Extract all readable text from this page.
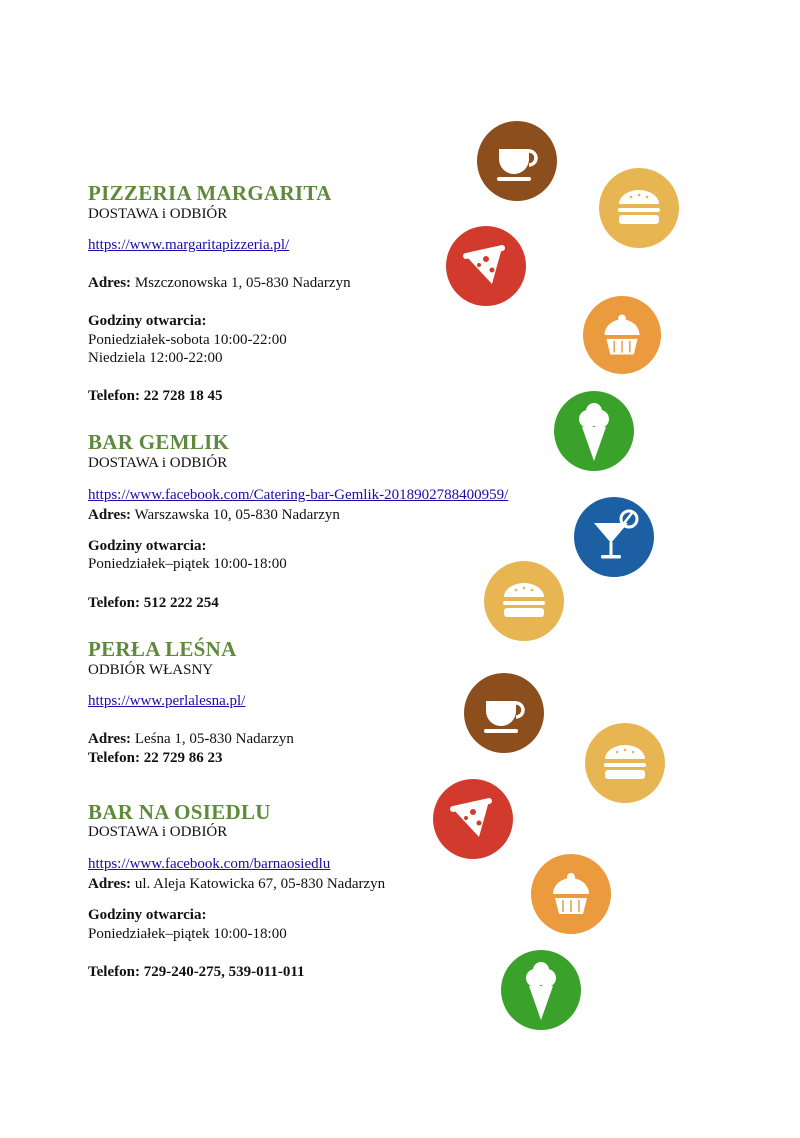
PIZZERIA MARGARITA
DOSTAWA i ODBIÓR
https://www.margaritapizzeria.pl/
Adres: Mszczonowska 1, 05-830 Nadarzyn
Godziny otwarcia:
Poniedziałek-sobota 10:00-22:00
Niedziela 12:00-22:00
Telefon: 22 728 18 45
BAR GEMLIK
DOSTAWA i ODBIÓR
https://www.facebook.com/Catering-bar-Gemlik-2018902788400959/
Adres: Warszawska 10, 05-830 Nadarzyn
Godziny otwarcia:
Poniedziałek–piątek 10:00-18:00
Telefon: 512 222 254
PERŁA LEŚNA
ODBIÓR WŁASNY
https://www.perlalesna.pl/
Adres: Leśna 1, 05-830 Nadarzyn
Telefon: 22 729 86 23
BAR NA OSIEDLU
DOSTAWA i ODBIÓR
https://www.facebook.com/barnaosiedlu
Adres: ul. Aleja Katowicka 67, 05-830 Nadarzyn
Godziny otwarcia:
Poniedziałek–piątek 10:00-18:00
Telefon: 729-240-275, 539-011-011
